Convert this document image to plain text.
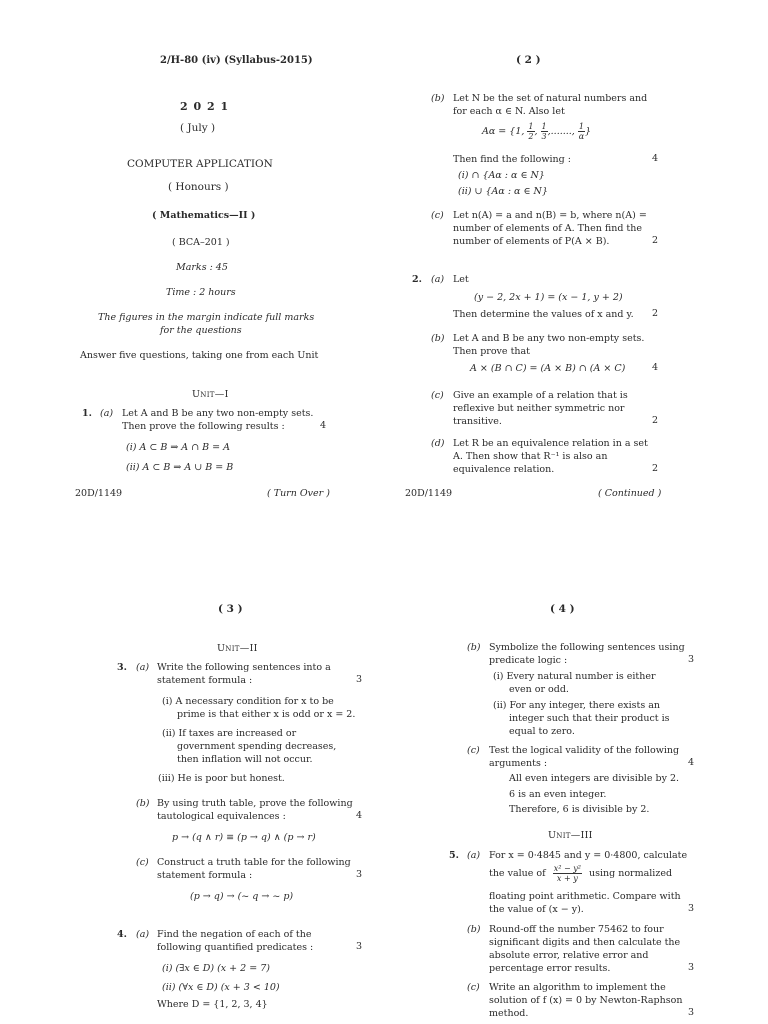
2/H-80 (iv) (Syllabus-2015)
2 0 2 1
( July )
COMPUTER APPLICATION
( Honours )
( Mathematics—II )
( BCA–201 )
Marks : 45
Time : 2 hours
The figures in the margin indicate full marks
for the questions
Answer five questions, taking one from each Unit
Unit—I
1. (a) Let A and B be any two non-empty sets.
Then prove the following results :	4
(i) A ⊂ B ⇒ A ∩ B = A
(ii) A ⊂ B ⇒ A ∪ B = B
20D/1149	( Turn Over )
( 2 )
(b) Let N be the set of natural numbers and
for each α ∈ N. Also let
Aα = {1, $\frac{1}{2}$ , $\frac{1}{3}$ ,......., $\frac{1}{\alpha}$ }
Then find the following :	4
(i) ∩ {Aα : α ∈ N}
(ii) ∪ {Aα : α ∈ N}
(c) Let n(A) = a and n(B) = b, where n(A) =
number of elements of A. Then find the
number of elements of P(A × B).	2
2. (a) Let
(y − 2, 2x + 1) = (x − 1, y + 2)
Then determine the values of x and y. 2
(b) Let A and B be any two non-empty sets.
Then prove that
A × (B ∩ C) = (A × B) ∩ (A × C)	4
(c) Give an example of a relation that is
reflexive but neither symmetric nor
transitive.	2
(d) Let R be an equivalence relation in a set
A. Then show that R⁻¹ is also an
equivalence relation.	2
20D/1149	( Continued )
( 3 )
Unit—II
3. (a) Write the following sentences into a
statement formula :	3
(i) A necessary condition for x to be
prime is that either x is odd or x = 2.
(ii) If taxes are increased or
government spending decreases,
then inflation will not occur.
(iii) He is poor but honest.
(b) By using truth table, prove the following
tautological equivalences :	4
p → (q ∧ r) ≡ (p → q) ∧ (p → r)
(c) Construct a truth table for the following
statement formula :	3
(p → q) → (~ q → ~ p)
4. (a) Find the negation of each of the
following quantified predicates :	3
(i) (∃x ∈ D) (x + 2 = 7)
(ii) (∀x ∈ D) (x + 3 < 10)
Where D = {1, 2, 3, 4}
( 4 )
(b) Symbolize the following sentences using
predicate logic :	3
(i) Every natural number is either
even or odd.
(ii) For any integer, there exists an
integer such that their product is
equal to zero.
(c) Test the logical validity of the following
arguments :	4
All even integers are divisible by 2.
6 is an even integer.
Therefore, 6 is divisible by 2.
Unit—III
5. (a) For x = 0·4845 and y = 0·4800, calculate
the value of $\frac{\text{x² − y²}}{x + y}$ using normalized
floating point arithmetic. Compare with
the value of (x − y).	3
(b) Round-off the number 75462 to four
significant digits and then calculate the
absolute error, relative error and
percentage error results.	3
(c) Write an algorithm to implement the
solution of f (x) = 0 by Newton-Raphson
method.	3
